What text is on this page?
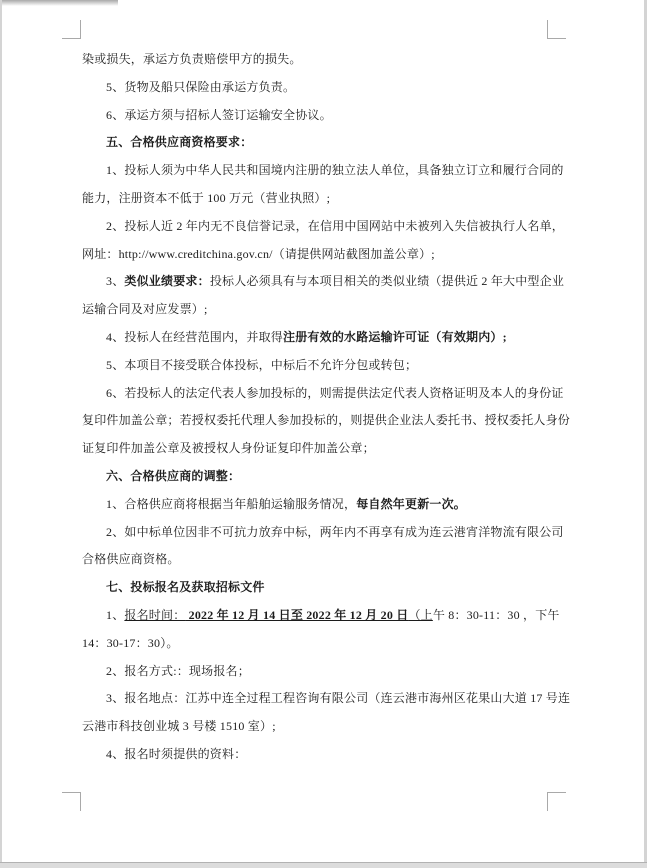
染或损失，承运方负责赔偿甲方的损失。
5、货物及船只保险由承运方负责。
6、承运方须与招标人签订运输安全协议。
五、合格供应商资格要求：
1、投标人须为中华人民共和国境内注册的独立法人单位，具备独立订立和履行合同的
能力，注册资本不低于 100 万元（营业执照）;
2、投标人近 2 年内无不良信誉记录，在信用中国网站中未被列入失信被执行人名单，
网址：http://www.creditchina.gov.cn/（请提供网站截图加盖公章）;
3、类似业绩要求：投标人必须具有与本项目相关的类似业绩（提供近 2 年大中型企业
运输合同及对应发票）;
4、投标人在经营范围内，并取得注册有效的水路运输许可证（有效期内）;
5、本项目不接受联合体投标，中标后不允许分包或转包；
6、若投标人的法定代表人参加投标的，则需提供法定代表人资格证明及本人的身份证
复印件加盖公章；若授权委托代理人参加投标的，则提供企业法人委托书、授权委托人身份
证复印件加盖公章及被授权人身份证复印件加盖公章；
六、合格供应商的调整：
1、合格供应商将根据当年船舶运输服务情况，每自然年更新一次。
2、如中标单位因非不可抗力放弃中标，两年内不再享有成为连云港宵洋物流有限公司
合格供应商资格。
七、投标报名及获取招标文件
1、报名时间： 2022 年 12 月 14 日至 2022 年 12 月 20 日（上午 8：30-11：30 ，下午
14：30-17：30）。
2、报名方式:：现场报名；
3、报名地点：江苏中连全过程工程咨询有限公司（连云港市海州区花果山大道 17 号连
云港市科技创业城 3 号楼 1510 室）;
4、报名时须提供的资料：
